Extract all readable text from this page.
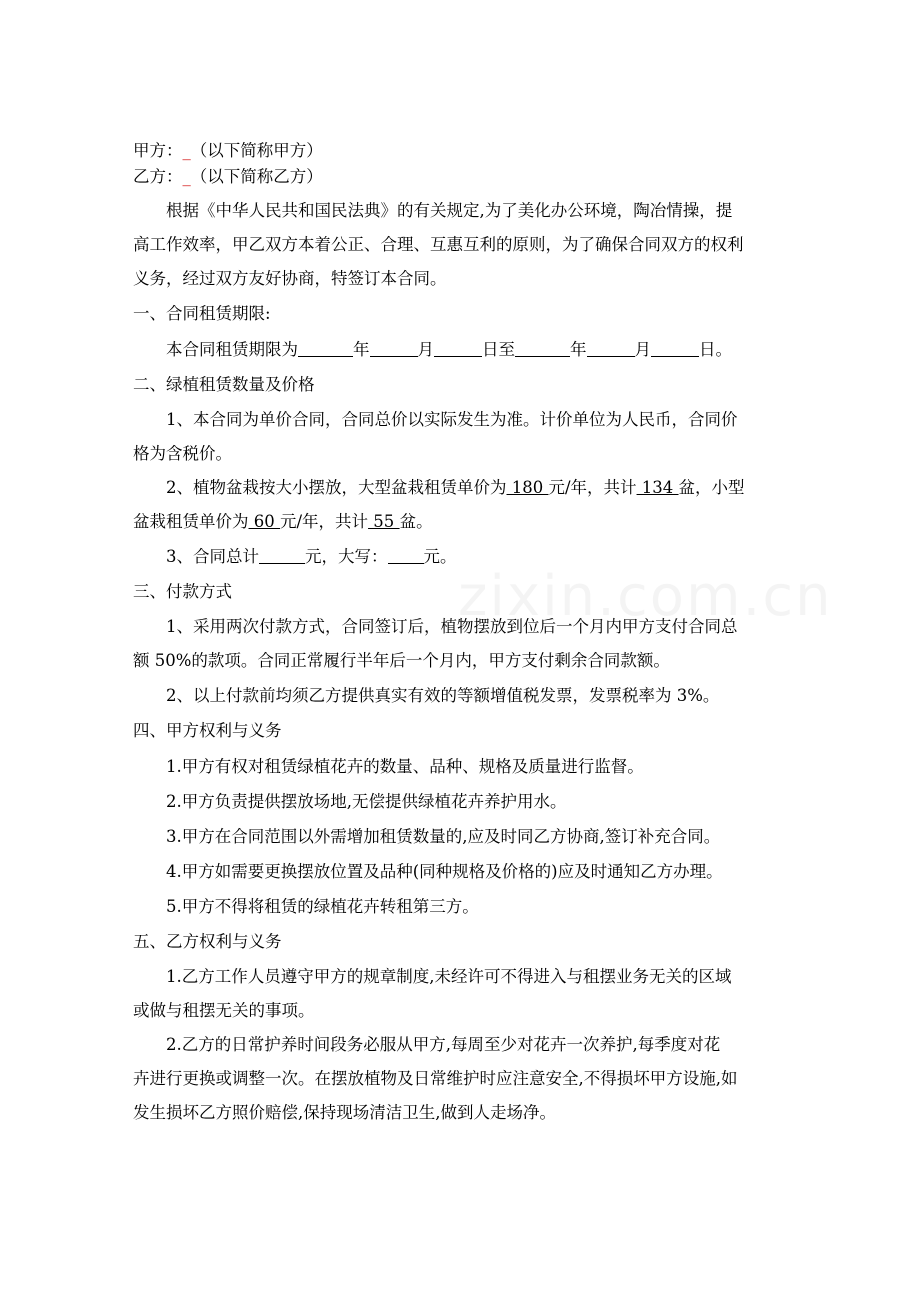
甲方：_（以下简称甲方）
乙方：_（以下简称乙方）
根据《中华人民共和国民法典》的有关规定,为了美化办公环境，陶冶情操，提
高工作效率，甲乙双方本着公正、合理、互惠互利的原则，为了确保合同双方的权利
义务，经过双方友好协商，特签订本合同。
一、合同租赁期限:
本合同租赁期限为	年	月	日至	年	月	日。
二、绿植租赁数量及价格
1、本合同为单价合同，合同总价以实际发生为准。计价单位为人民币，合同价
格为含税价。
2、植物盆栽按大小摆放，大型盆栽租赁单价为 180 元/年，共计 134 盆，小型
盆栽租赁单价为 60 元/年，共计 55 盆。
3、合同总计	元，大写： 元。
三、付款方式
1、采用两次付款方式，合同签订后，植物摆放到位后一个月内甲方支付合同总
额 50%的款项。合同正常履行半年后一个月内，甲方支付剩余合同款额。
2、以上付款前均须乙方提供真实有效的等额增值税发票，发票税率为 3%。
四、甲方权利与义务
1.甲方有权对租赁绿植花卉的数量、品种、规格及质量进行监督。
2.甲方负责提供摆放场地,无偿提供绿植花卉养护用水。
3.甲方在合同范围以外需增加租赁数量的,应及时同乙方协商,签订补充合同。
4.甲方如需要更换摆放位置及品种(同种规格及价格的)应及时通知乙方办理。
5.甲方不得将租赁的绿植花卉转租第三方。
五、乙方权利与义务
1.乙方工作人员遵守甲方的规章制度,未经许可不得进入与租摆业务无关的区域
或做与租摆无关的事项。
2.乙方的日常护养时间段务必服从甲方,每周至少对花卉一次养护,每季度对花
卉进行更换或调整一次。在摆放植物及日常维护时应注意安全,不得损坏甲方设施,如
发生损坏乙方照价赔偿,保持现场清洁卫生,做到人走场净。
